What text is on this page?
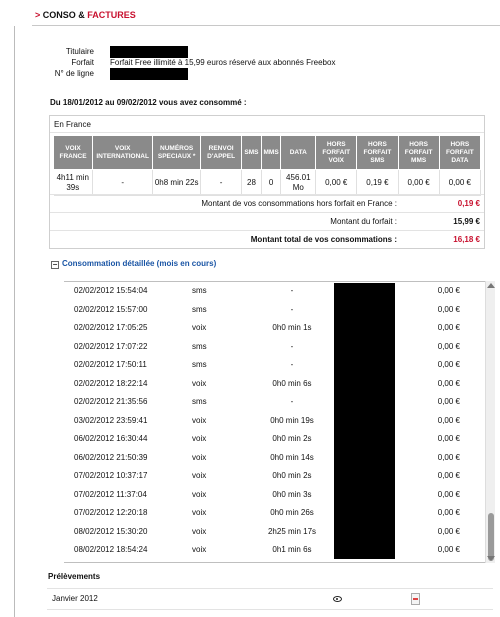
> CONSO & FACTURES
Titulaire
Forfait Forfait Free illimité à 15,99 euros réservé aux abonnés Freebox
N° de ligne
Du 18/01/2012 au 09/02/2012 vous avez consommé :
En France
VOIX FRANCE	VOIX INTERNATIONAL	NUMÉROS SPECIAUX *	RENVOI D'APPEL	SMS	MMS	DATA	HORS FORFAIT VOIX	HORS FORFAIT SMS	HORS FORFAIT MMS	HORS FORFAIT DATA
4h11 min 39s	-	0h8 min 22s	-	28	0	456.01 Mo	0,00 €	0,19 €	0,00 €	0,00 €
Montant de vos consommations hors forfait en France :	0,19 €
Montant du forfait :	15,99 €
Montant total de vos consommations :	16,18 €
− Consommation détaillée (mois en cours)
08/02/2012 18:54:24	voix	0h1 min 6s	0,00 €
08/02/2012 15:30:20	voix	2h25 min 17s	0,00 €
07/02/2012 12:20:18	voix	0h0 min 26s	0,00 €
07/02/2012 11:37:04	voix	0h0 min 3s	0,00 €
07/02/2012 10:37:17	voix	0h0 min 2s	0,00 €
06/02/2012 21:50:39	voix	0h0 min 14s	0,00 €
06/02/2012 16:30:44	voix	0h0 min 2s	0,00 €
03/02/2012 23:59:41	voix	0h0 min 19s	0,00 €
02/02/2012 21:35:56	sms	-	0,00 €
02/02/2012 18:22:14	voix	0h0 min 6s	0,00 €
02/02/2012 17:50:11	sms	-	0,00 €
02/02/2012 17:07:22	sms	-	0,00 €
02/02/2012 17:05:25	voix	0h0 min 1s	0,00 €
02/02/2012 15:57:00	sms	-	0,00 €
02/02/2012 15:54:04	sms	-	0,00 €
Prélèvements
Janvier 2012
